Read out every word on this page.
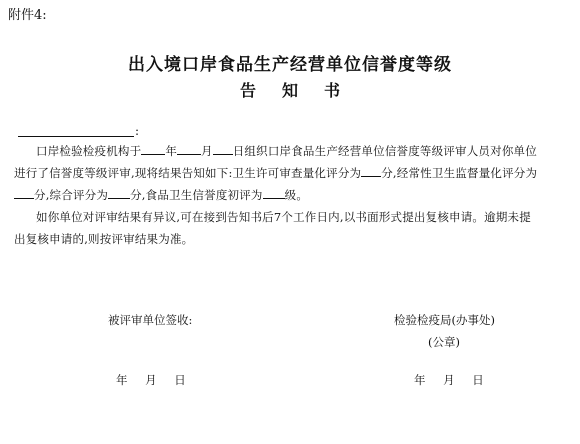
附件4:
出入境口岸食品生产经营单位信誉度等级
告知书
:
口岸检验检疫机构于 年 月 日组织口岸食品生产经营单位信誉度等级评审人员对你单位
进行了信誉度等级评审,现将结果告知如下:卫生许可审查量化评分为 分,经常性卫生监督量化评分为
分,综合评分为 分,食品卫生信誉度初评为 级。
如你单位对评审结果有异议,可在接到告知书后7个工作日内,以书面形式提出复核申请。逾期未提
出复核申请的,则按评审结果为准。
被评审单位签收:	检验检疫局(办事处)
(公章)
年 月 日	年 月 日
